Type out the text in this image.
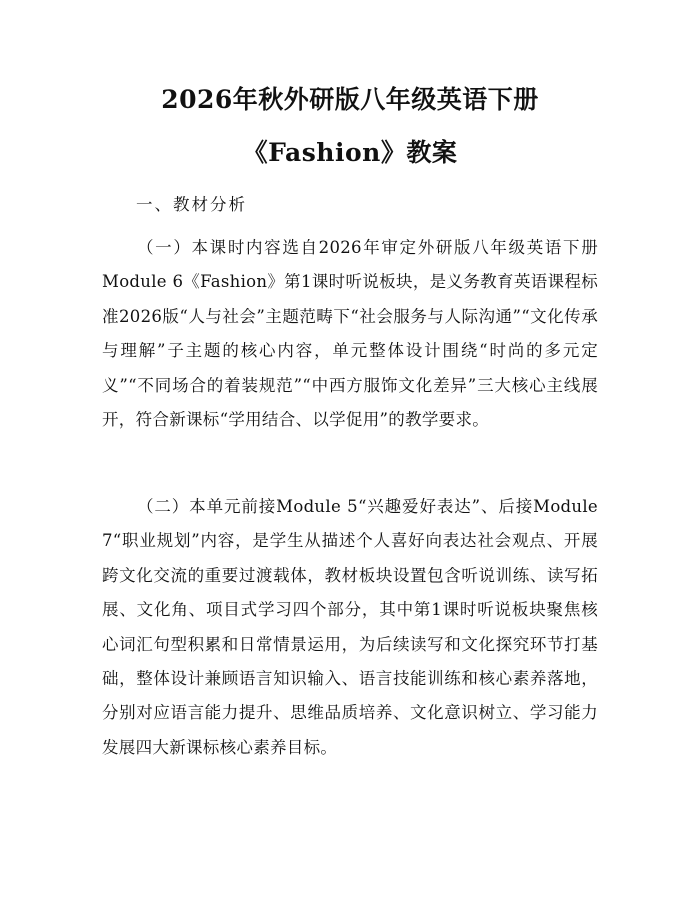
2026年秋外研版八年级英语下册
《Fashion》教案
一、教材分析
（一）本课时内容选自2026年审定外研版八年级英语下册Module 6《Fashion》第1课时听说板块，是义务教育英语课程标准2026版“人与社会”主题范畴下“社会服务与人际沟通”“文化传承与理解”子主题的核心内容，单元整体设计围绕“时尚的多元定义”“不同场合的着装规范”“中西方服饰文化差异”三大核心主线展开，符合新课标“学用结合、以学促用”的教学要求。
（二）本单元前接Module 5“兴趣爱好表达”、后接Module 7“职业规划”内容，是学生从描述个人喜好向表达社会观点、开展跨文化交流的重要过渡载体，教材板块设置包含听说训练、读写拓展、文化角、项目式学习四个部分，其中第1课时听说板块聚焦核心词汇句型积累和日常情景运用，为后续读写和文化探究环节打基础，整体设计兼顾语言知识输入、语言技能训练和核心素养落地，分别对应语言能力提升、思维品质培养、文化意识树立、学习能力发展四大新课标核心素养目标。
